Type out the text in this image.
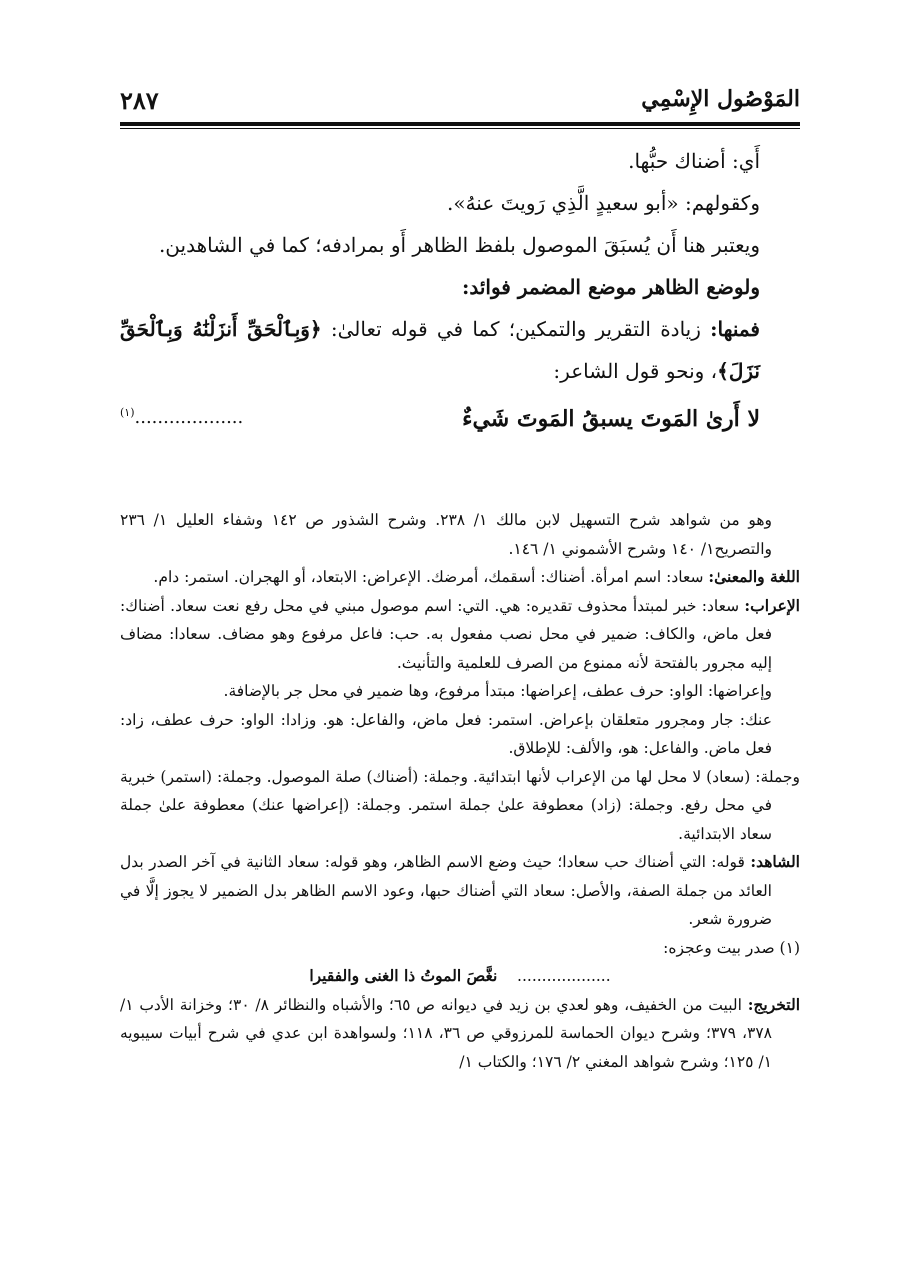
المَوْصُول الإِسْمِي
٢٨٧

أَي: أضناك حبُّها.

وكقولهم: «أبو سعيدٍ الَّذِي رَويتَ عنهُ».

ويعتبر هنا أَن يُسبَقَ الموصول بلفظ الظاهر أَو بمرادفه؛ كما في الشاهدين.

ولوضع الظاهر موضع المضمر فوائد:

فمنها: زيادة التقرير والتمكين؛ كما في قوله تعالىٰ: ﴿وَبِٱلْحَقِّ أَنزَلْنَٰهُ وَبِٱلْحَقِّ نَزَلَ﴾، ونحو قول الشاعر:

لا أَرىٰ المَوتَ يسبقُ المَوتَ شَيءٌ
...................$^{(١)}$

وهو من شواهد شرح التسهيل لابن مالك ١/ ٢٣٨. وشرح الشذور ص ١٤٢ وشفاء العليل ١/ ٢٣٦ والتصريح١/ ١٤٠ وشرح الأشموني ١/ ١٤٦.

اللغة والمعنىٰ: سعاد: اسم امرأة. أضناك: أسقمك، أمرضك. الإعراض: الابتعاد، أو الهجران. استمر: دام.

الإعراب: سعاد: خبر لمبتدأ محذوف تقديره: هي. التي: اسم موصول مبني في محل رفع نعت سعاد. أضناك: فعل ماض، والكاف: ضمير في محل نصب مفعول به. حب: فاعل مرفوع وهو مضاف. سعادا: مضاف إليه مجرور بالفتحة لأنه ممنوع من الصرف للعلمية والتأنيث.

وإعراضها: الواو: حرف عطف، إعراضها: مبتدأ مرفوع، وها ضمير في محل جر بالإضافة.

عنك: جار ومجرور متعلقان بإعراض. استمر: فعل ماض، والفاعل: هو. وزادا: الواو: حرف عطف، زاد: فعل ماض. والفاعل: هو، والألف: للإطلاق.

وجملة: (سعاد) لا محل لها من الإعراب لأنها ابتدائية. وجملة: (أضناك) صلة الموصول. وجملة: (استمر) خبرية في محل رفع. وجملة: (زاد) معطوفة علىٰ جملة استمر. وجملة: (إعراضها عنك) معطوفة علىٰ جملة سعاد الابتدائية.

الشاهد: قوله: التي أضناك حب سعادا؛ حيث وضع الاسم الظاهر، وهو قوله: سعاد الثانية في آخر الصدر بدل العائد من جملة الصفة، والأصل: سعاد التي أضناك حبها، وعود الاسم الظاهر بدل الضمير لا يجوز إلَّا في ضرورة شعر.

(١) صدر بيت وعجزه:

...................    نغَّصَ الموتُ ذا الغنى والفقيرا

التخريج: البيت من الخفيف، وهو لعدي بن زيد في ديوانه ص ٦٥؛ والأشباه والنظائر ٨/ ٣٠؛ وخزانة الأدب ١/ ٣٧٨، ٣٧٩؛ وشرح ديوان الحماسة للمرزوقي ص ٣٦، ١١٨؛ ولسواهدة ابن عدي في شرح أبيات سيبويه ١/ ١٢٥؛ وشرح شواهد المغني ٢/ ١٧٦؛ والكتاب ١/
